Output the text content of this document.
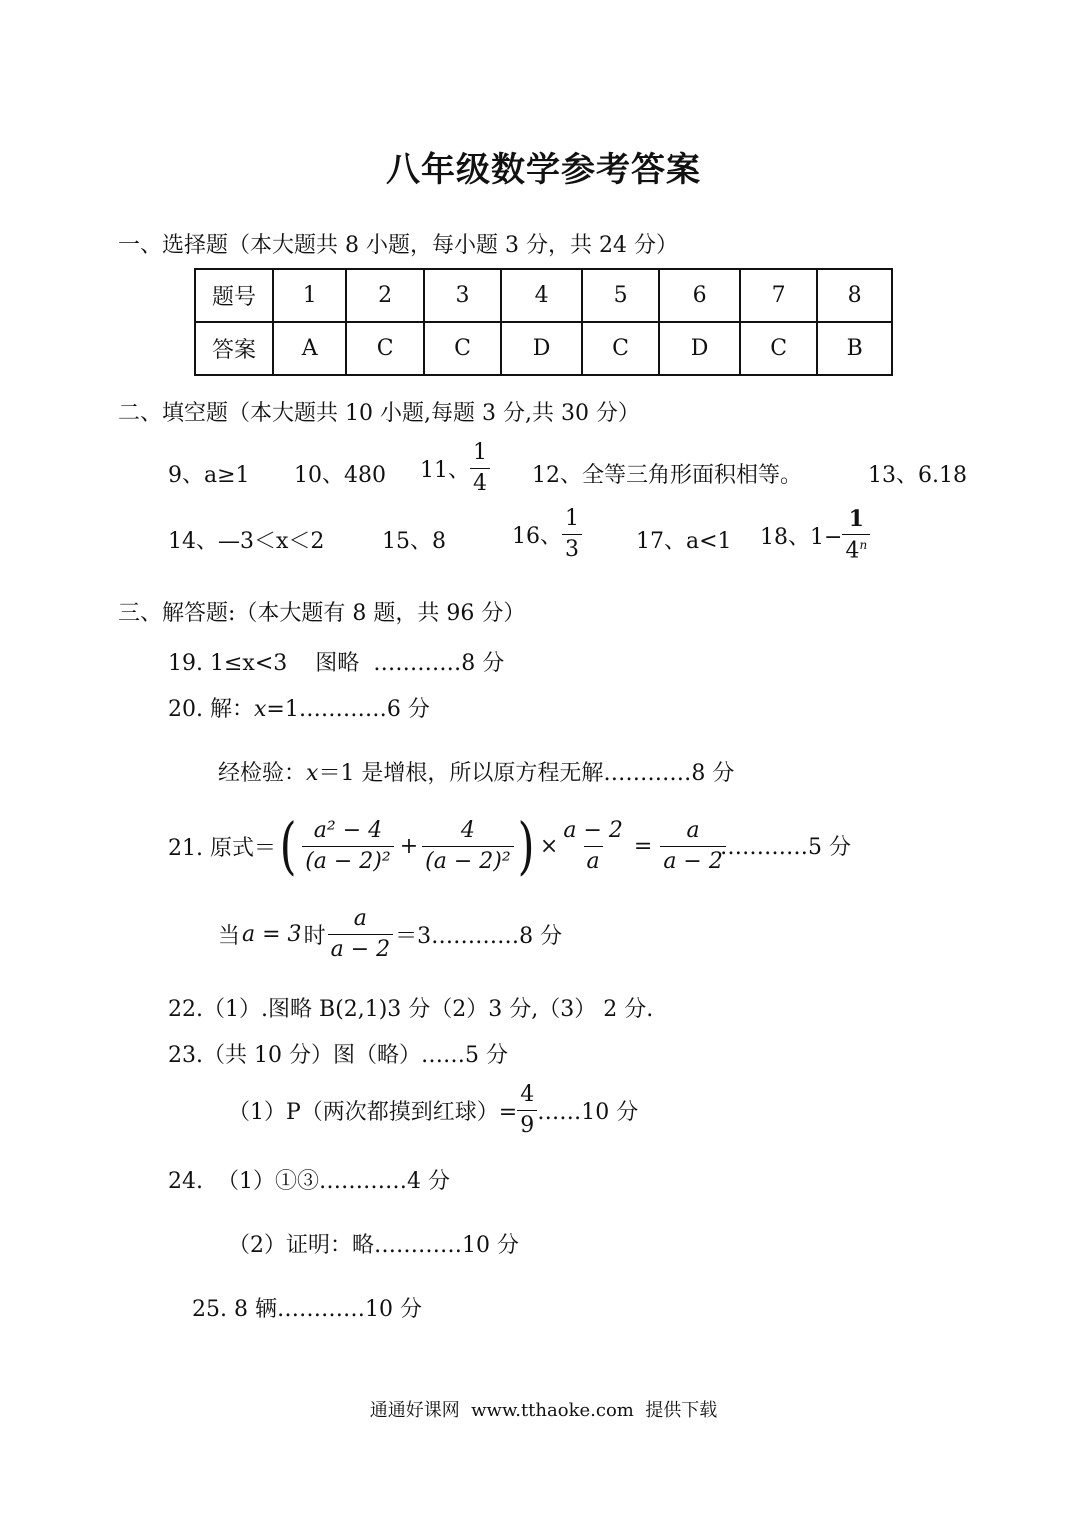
八年级数学参考答案
一、选择题（本大题共 8 小题，每小题 3 分，共 24 分）
题号	1	2	3	4	5	6	7	8
答案	A	C	C	D	C	D	C	B
二、填空题（本大题共 10 小题,每题 3 分,共 30 分）
9、a≥1 10、480 11、 $\frac{1}{4} 12$、全等三角形面积相等。	13、6.18
14、—3＜x＜2	15、8	16、 $\frac{1}{3} 17$、a<1 18、$1- \frac{1}{4^n}$
三、解答题:（本大题有 8 题，共 96 分）
19. 1≤x<3    图略  …………8 分
20. 解：x=1…………6 分
经检验：x＝1 是增根，所以原方程无解…………8 分
21. 原式＝ ( $\frac{\text{a² − 4}}{\text{(a − 2)²}} + \frac{4}{\text{(a − 2)²}}$ ) × $\frac{a - 2}{a} = \frac{a}{a - 2}$
…………5 分
当 a = 3 时 $\frac{a}{a - 2}$ ＝3…………8 分
22.（1）.图略 B(2,1)3 分（2）3 分,（3） 2 分.
23.（共 10 分）图（略）……5 分
（1）P（两次都摸到红球）= $\frac{4}{9}$ ……10 分
24.  （1）①③…………4 分
（2）证明：略…………10 分
25. 8 辆…………10 分
通通好课网  www.tthaoke.com  提供下载
